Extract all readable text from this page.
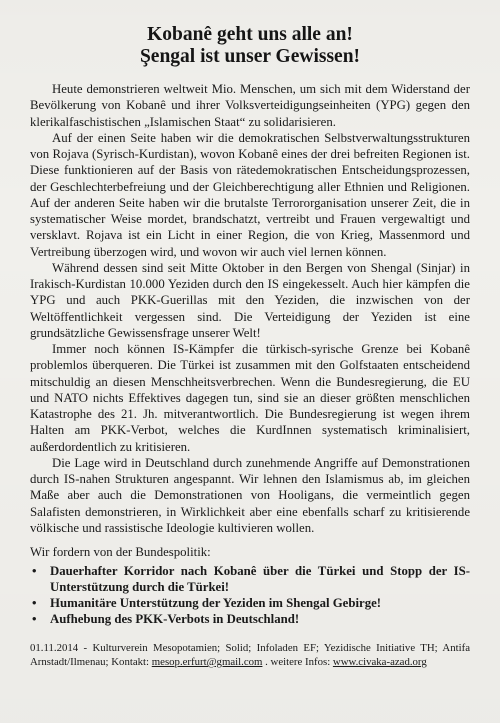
Kobanê geht uns alle an!
Şengal ist unser Gewissen!

Heute demonstrieren weltweit Mio. Menschen, um sich mit dem Widerstand der Bevölkerung von Kobanê und ihrer Volksverteidigungseinheiten (YPG) gegen den klerikalfaschistischen „Islamischen Staat“ zu solidarisieren.

Auf der einen Seite haben wir die demokratischen Selbstverwaltungsstrukturen von Rojava (Syrisch-Kurdistan), wovon Kobanê eines der drei befreiten Regionen ist. Diese funktionieren auf der Basis von rätedemokratischen Entscheidungsprozessen, der Geschlechterbefreiung und der Gleichberechtigung aller Ethnien und Religionen. Auf der anderen Seite haben wir die brutalste Terrororganisation unserer Zeit, die in systematischer Weise mordet, brandschatzt, vertreibt und Frauen vergewaltigt und versklavt. Rojava ist ein Licht in einer Region, die von Krieg, Massenmord und Vertreibung überzogen wird, und wovon wir auch viel lernen können.

Während dessen sind seit Mitte Oktober in den Bergen von Shengal (Sinjar) in Irakisch-Kurdistan 10.000 Yeziden durch den IS eingekesselt. Auch hier kämpfen die YPG und auch PKK-Guerillas mit den Yeziden, die inzwischen von der Weltöffentlichkeit vergessen sind. Die Verteidigung der Yeziden ist eine grundsätzliche Gewissensfrage unserer Welt!

Immer noch können IS-Kämpfer die türkisch-syrische Grenze bei Kobanê problemlos überqueren. Die Türkei ist zusammen mit den Golfstaaten entscheidend mitschuldig an diesen Menschheitsverbrechen. Wenn die Bundesregierung, die EU und NATO nichts Effektives dagegen tun, sind sie an dieser größten menschlichen Katastrophe des 21. Jh. mitverantwortlich. Die Bundesregierung ist wegen ihrem Halten am PKK-Verbot, welches die KurdInnen systematisch kriminalisiert, außerdordentlich zu kritisieren.

Die Lage wird in Deutschland durch zunehmende Angriffe auf Demonstrationen durch IS-nahen Strukturen angespannt. Wir lehnen den Islamismus ab, im gleichen Maße aber auch die Demonstrationen von Hooligans, die vermeintlich gegen Salafisten demonstrieren, in Wirklichkeit aber eine ebenfalls scharf zu kritisierende völkische und rassistische Ideologie kultivieren wollen.

Wir fordern von der Bundespolitik:
• Dauerhafter Korridor nach Kobanê über die Türkei und Stopp der IS-Unterstützung durch die Türkei!
• Humanitäre Unterstützung der Yeziden im Shengal Gebirge!
• Aufhebung des PKK-Verbots in Deutschland!
01.11.2014 - Kulturverein Mesopotamien; Solid; Infoladen EF; Yezidische Initiative TH; Antifa Arnstadt/Ilmenau; Kontakt: mesop.erfurt@gmail.com . weitere Infos: www.civaka-azad.org
